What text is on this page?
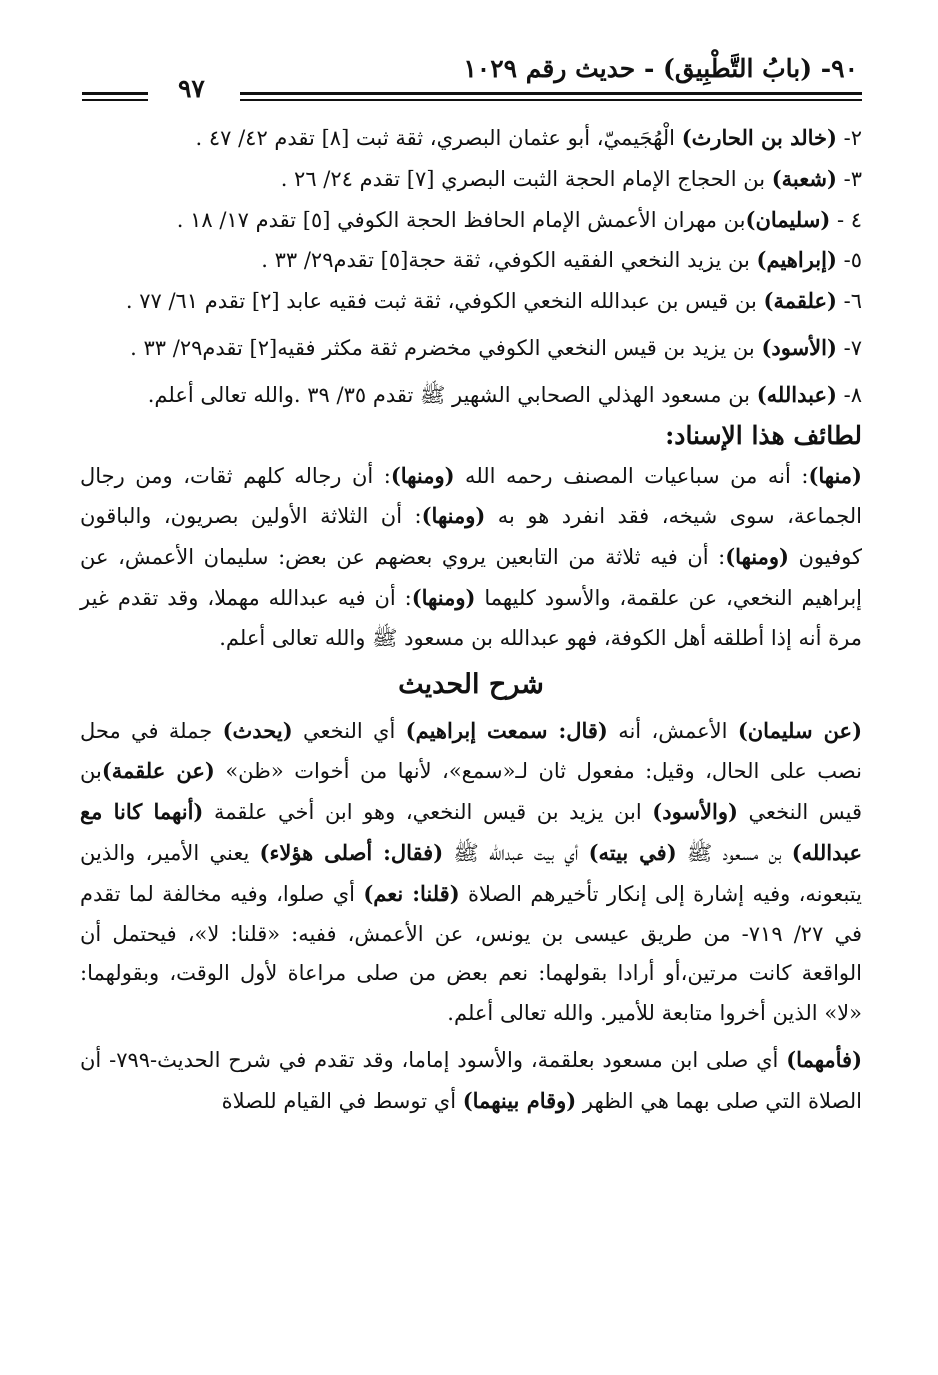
٩٠- (بابُ التَّطْبِيق) - حديث رقم ١٠٢٩
٩٧

٢- (خالد بن الحارث) الْهُجَيميّ، أبو عثمان البصري، ثقة ثبت [٨] تقدم ٤٢/ ٤٧ .

٣- (شعبة) بن الحجاج الإمام الحجة الثبت البصري [٧] تقدم ٢٤/ ٢٦ .

٤ - (سليمان)بن مهران الأعمش الإمام الحافظ الحجة الكوفي [٥] تقدم ١٧/ ١٨ .

٥- (إبراهيم) بن يزيد النخعي الفقيه الكوفي، ثقة حجة[٥] تقدم٢٩/ ٣٣ .

٦- (علقمة) بن قيس بن عبدالله النخعي الكوفي، ثقة ثبت فقيه عابد [٢] تقدم ٦١/ ٧٧ .

٧- (الأسود) بن يزيد بن قيس النخعي الكوفي مخضرم ثقة مكثر فقيه[٢] تقدم٢٩/ ٣٣ .

٨- (عبدالله) بن مسعود الهذلي الصحابي الشهير ﷺ تقدم ٣٥/ ٣٩ .والله تعالى أعلم.

لطائف هذا الإسناد:

(منها): أنه من سباعيات المصنف رحمه الله (ومنها): أن رجاله كلهم ثقات، ومن رجال الجماعة، سوى شيخه، فقد انفرد هو به (ومنها): أن الثلاثة الأولين بصريون، والباقون كوفيون (ومنها): أن فيه ثلاثة من التابعين يروي بعضهم عن بعض: سليمان الأعمش، عن إبراهيم النخعي، عن علقمة، والأسود كليهما (ومنها): أن فيه عبدالله مهملا، وقد تقدم غير مرة أنه إذا أطلقه أهل الكوفة، فهو عبدالله بن مسعود ﷺ والله تعالى أعلم.

شرح الحديث

(عن سليمان) الأعمش، أنه (قال: سمعت إبراهيم) أي النخعي (يحدث) جملة في محل نصب على الحال، وقيل: مفعول ثان لـ«سمع»، لأنها من أخوات «ظن» (عن علقمة)بن قيس النخعي (والأسود) ابن يزيد بن قيس النخعي، وهو ابن أخي علقمة (أنهما كانا مع عبدالله) بن مسعود ﷺ (في بيته) أي بيت عبدالله ﷺ (فقال: أصلى هؤلاء) يعني الأمير، والذين يتبعونه، وفيه إشارة إلى إنكار تأخيرهم الصلاة (قلنا: نعم) أي صلوا، وفيه مخالفة لما تقدم في ٢٧/ ٧١٩- من طريق عيسى بن يونس، عن الأعمش، ففيه: «قلنا: لا»، فيحتمل أن الواقعة كانت مرتين،أو أرادا بقولهما: نعم بعض من صلى مراعاة لأول الوقت، وبقولهما: «لا» الذين أخروا متابعة للأمير. والله تعالى أعلم.

(فأمهما) أي صلى ابن مسعود بعلقمة، والأسود إماما، وقد تقدم في شرح الحديث-٧٩٩- أن الصلاة التي صلى بهما هي الظهر (وقام بينهما) أي توسط في القيام للصلاة
